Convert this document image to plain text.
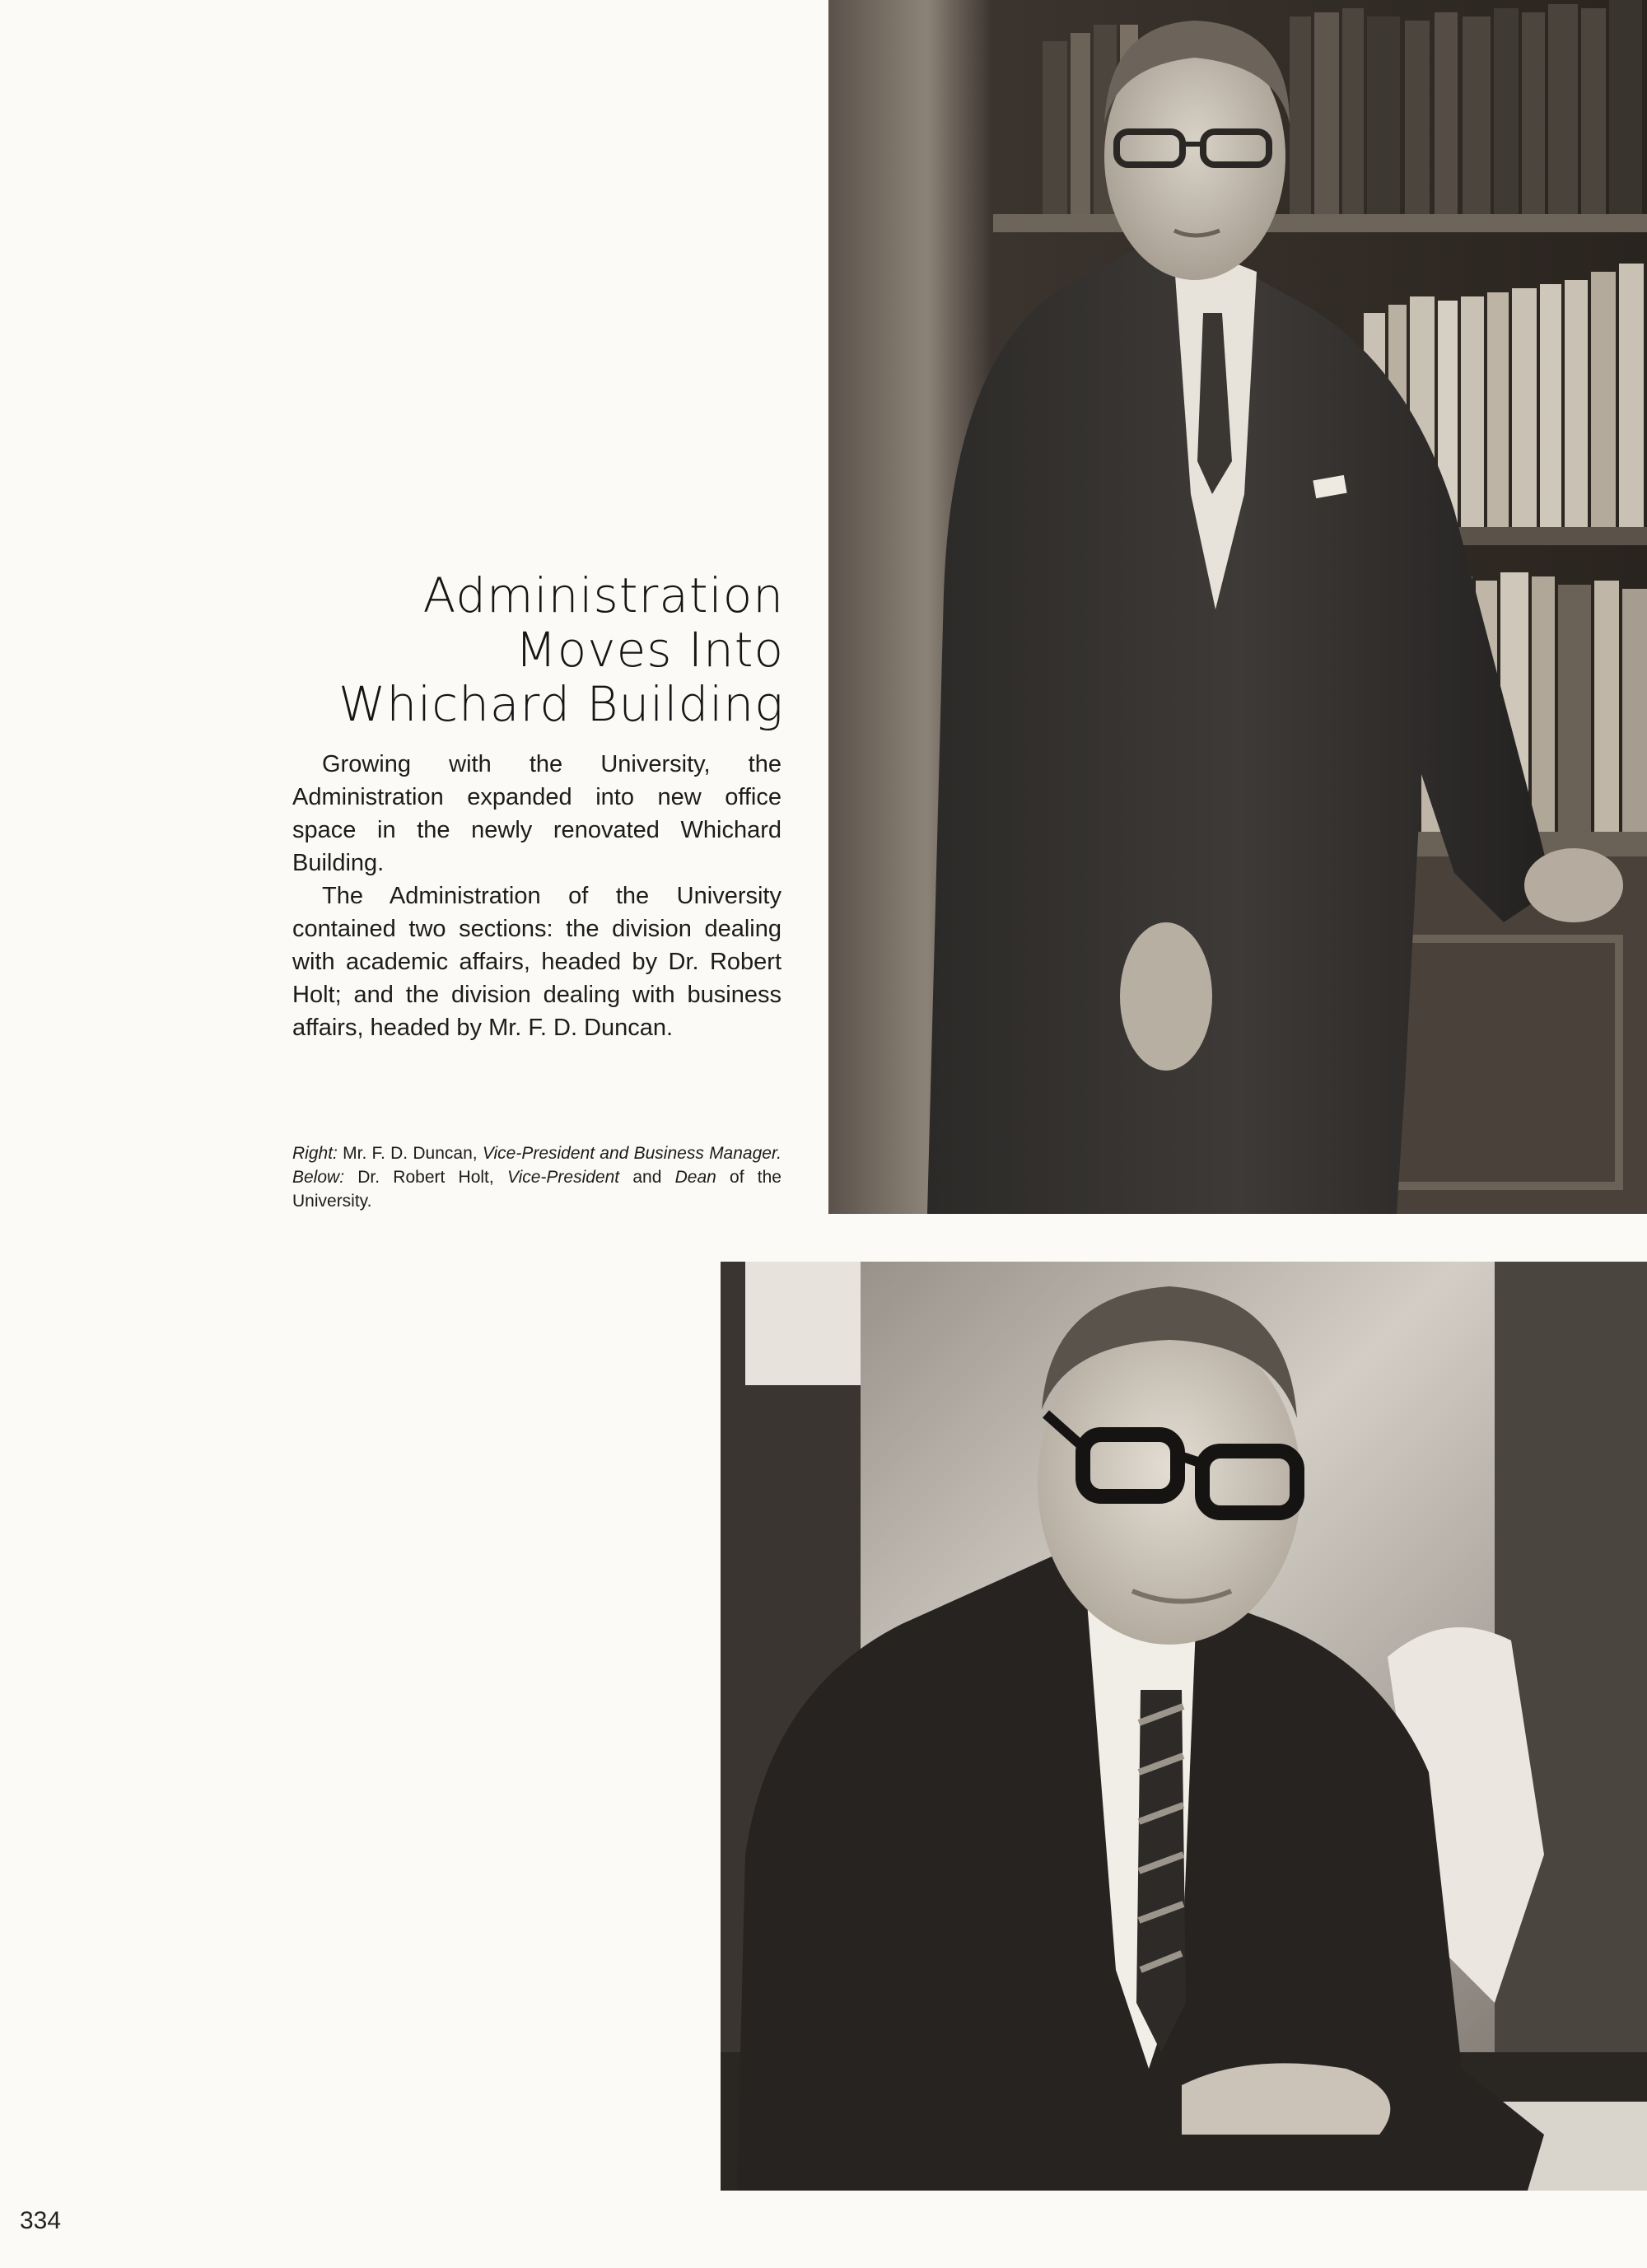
Administration
Moves Into
Whichard Building

Growing with the University, the Administration expanded into new office space in the newly renovated Whichard Building.

The Administration of the University contained two sections: the division dealing with academic affairs, headed by Dr. Robert Holt; and the division dealing with business affairs, headed by Mr. F. D. Duncan.

Right: Mr. F. D. Duncan, Vice-President and Business Manager. Below: Dr. Robert Holt, Vice-President and Dean of the University.
334
